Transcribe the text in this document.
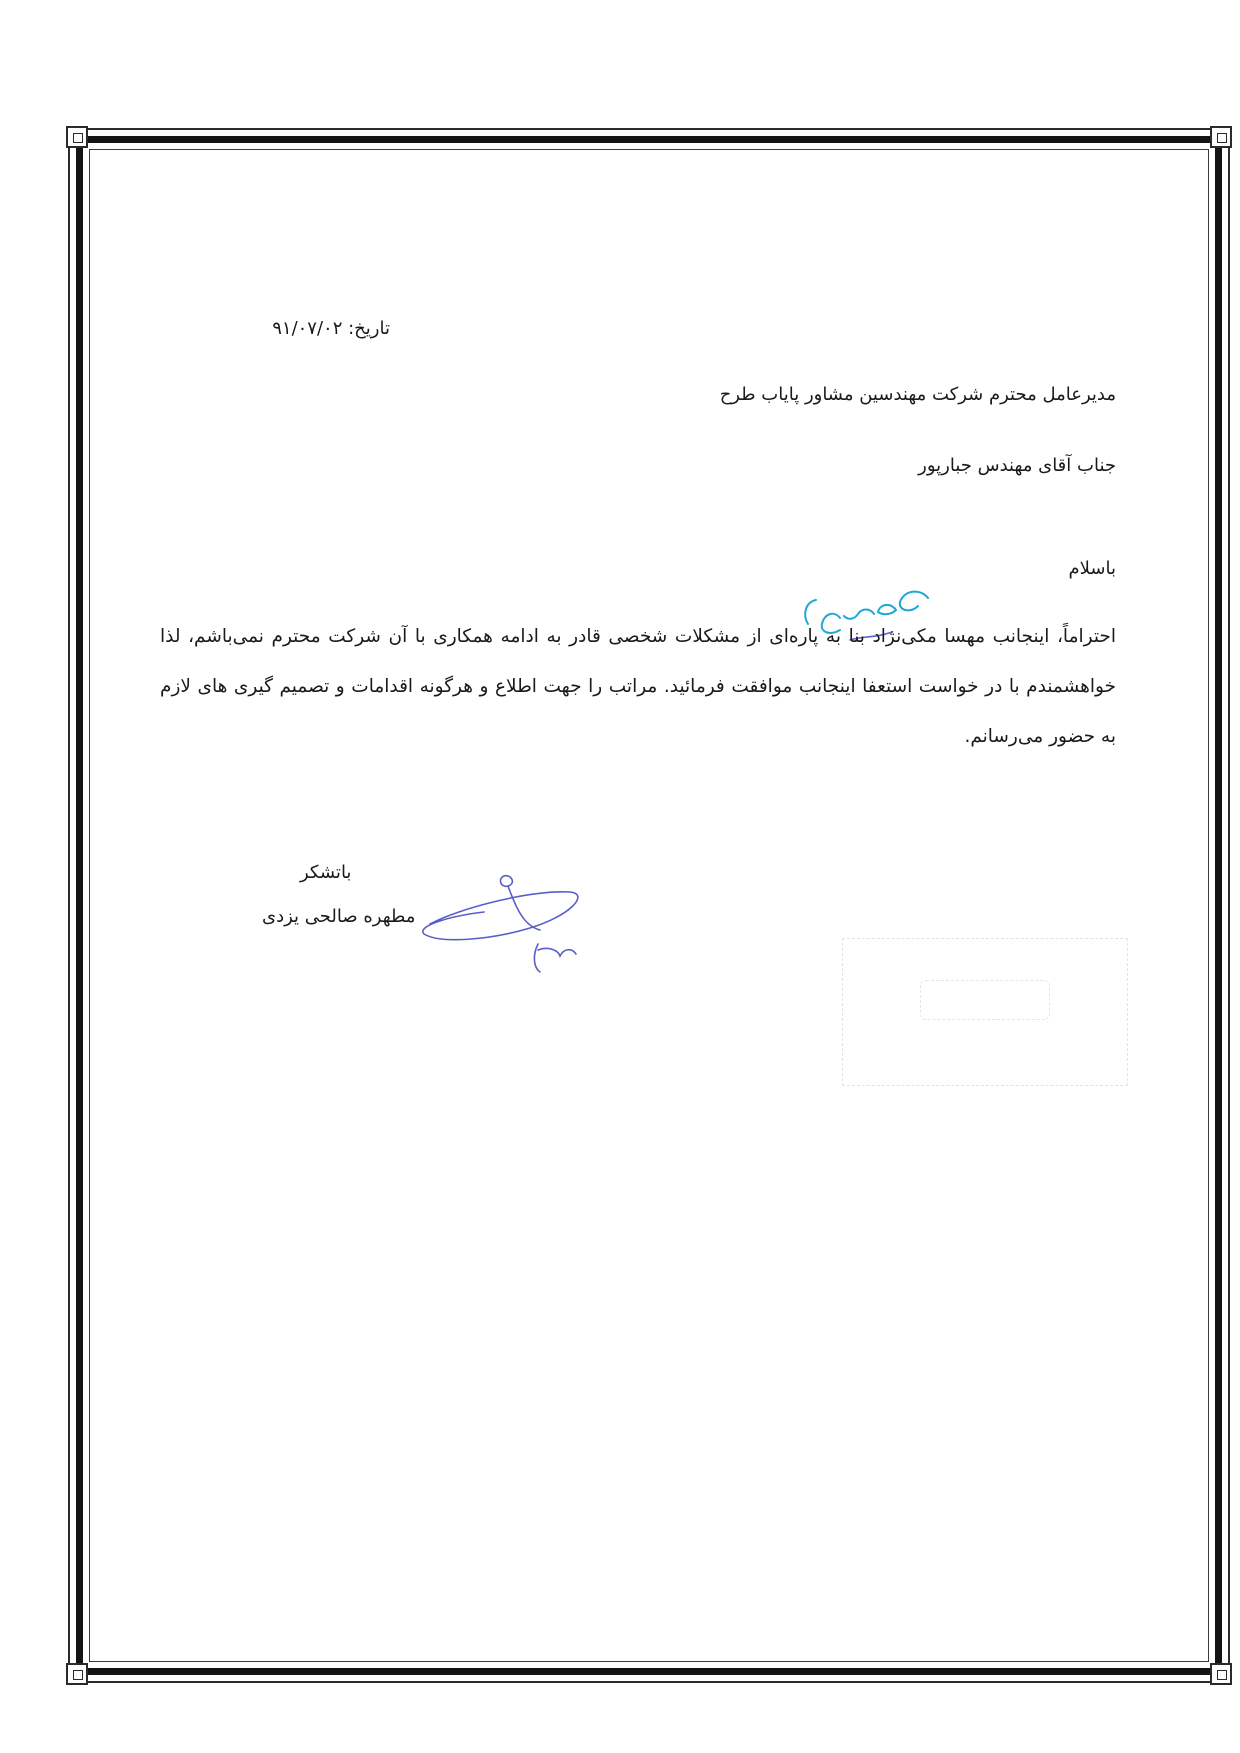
تاریخ: ۹۱/۰۷/۰۲
مدیرعامل محترم شرکت مهندسین مشاور پایاب طرح
جناب آقای مهندس جبارپور
باسلام
احتراماً، اینجانب مهسا مکی‌نژاد بنا به پاره‌ای از مشکلات شخصی قادر به ادامه همکاری با آن شرکت محترم نمی‌باشم، لذا خواهشمندم با در خواست استعفا اینجانب موافقت فرمائید. مراتب را جهت اطلاع و هرگونه اقدامات و تصمیم گیری های لازم به حضور می‌رسانم.
باتشکر
مطهره صالحی یزدی
